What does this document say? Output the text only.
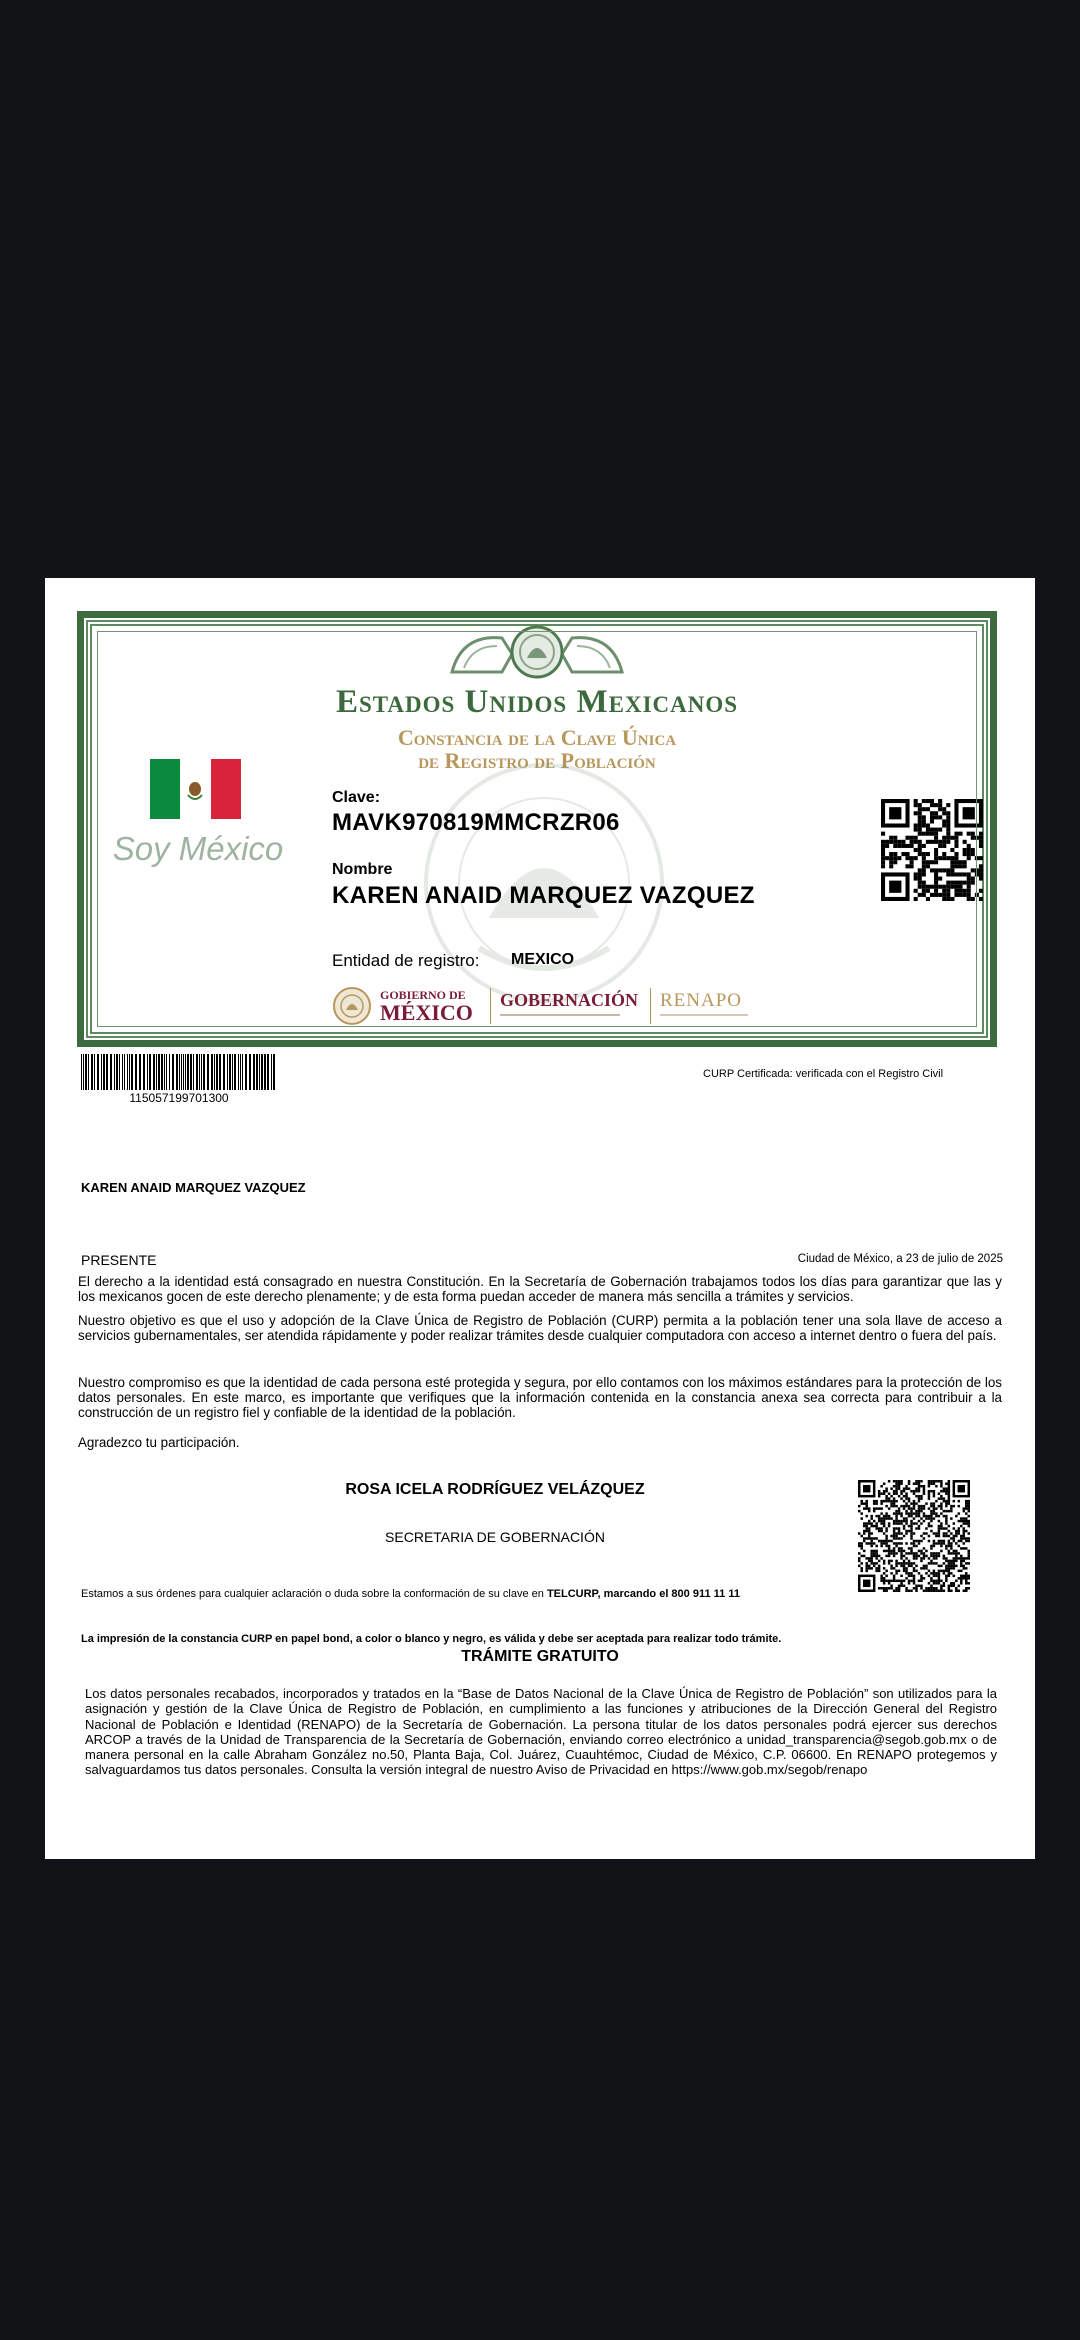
Estados Unidos Mexicanos
Constancia de la Clave Única
de Registro de Población
Soy México
Clave:
MAVK970819MMCRZR06
Nombre
KAREN ANAID MARQUEZ VAZQUEZ
Entidad de registro: MEXICO
GOBIERNO DE
MÉXICO GOBERNACIÓN RENAPO
115057199701300
CURP Certificada: verificada con el Registro Civil
KAREN ANAID MARQUEZ VAZQUEZ
PRESENTE	Ciudad de México, a 23 de julio de 2025
El derecho a la identidad está consagrado en nuestra Constitución. En la Secretaría de Gobernación trabajamos todos los días para garantizar que las y los mexicanos gocen de este derecho plenamente; y de esta forma puedan acceder de manera más sencilla a trámites y servicios.
Nuestro objetivo es que el uso y adopción de la Clave Única de Registro de Población (CURP) permita a la población tener una sola llave de acceso a servicios gubernamentales, ser atendida rápidamente y poder realizar trámites desde cualquier computadora con acceso a internet dentro o fuera del país.
Nuestro compromiso es que la identidad de cada persona esté protegida y segura, por ello contamos con los máximos estándares para la protección de los datos personales. En este marco, es importante que verifiques que la información contenida en la constancia anexa sea correcta para contribuir a la construcción de un registro fiel y confiable de la identidad de la población.
Agradezco tu participación.
ROSA ICELA RODRÍGUEZ VELÁZQUEZ
SECRETARIA DE GOBERNACIÓN
Estamos a sus órdenes para cualquier aclaración o duda sobre la conformación de su clave en TELCURP, marcando el 800 911 11 11
La impresión de la constancia CURP en papel bond, a color o blanco y negro, es válida y debe ser aceptada para realizar todo trámite.
TRÁMITE GRATUITO
Los datos personales recabados, incorporados y tratados en la “Base de Datos Nacional de la Clave Única de Registro de Población” son utilizados para la asignación y gestión de la Clave Única de Registro de Población, en cumplimiento a las funciones y atribuciones de la Dirección General del Registro Nacional de Población e Identidad (RENAPO) de la Secretaría de Gobernación. La persona titular de los datos personales podrá ejercer sus derechos ARCOP a través de la Unidad de Transparencia de la Secretaría de Gobernación, enviando correo electrónico a unidad_transparencia@segob.gob.mx o de manera personal en la calle Abraham González no.50, Planta Baja, Col. Juárez, Cuauhtémoc, Ciudad de México, C.P. 06600. En RENAPO protegemos y salvaguardamos tus datos personales. Consulta la versión integral de nuestro Aviso de Privacidad en https://www.gob.mx/segob/renapo
